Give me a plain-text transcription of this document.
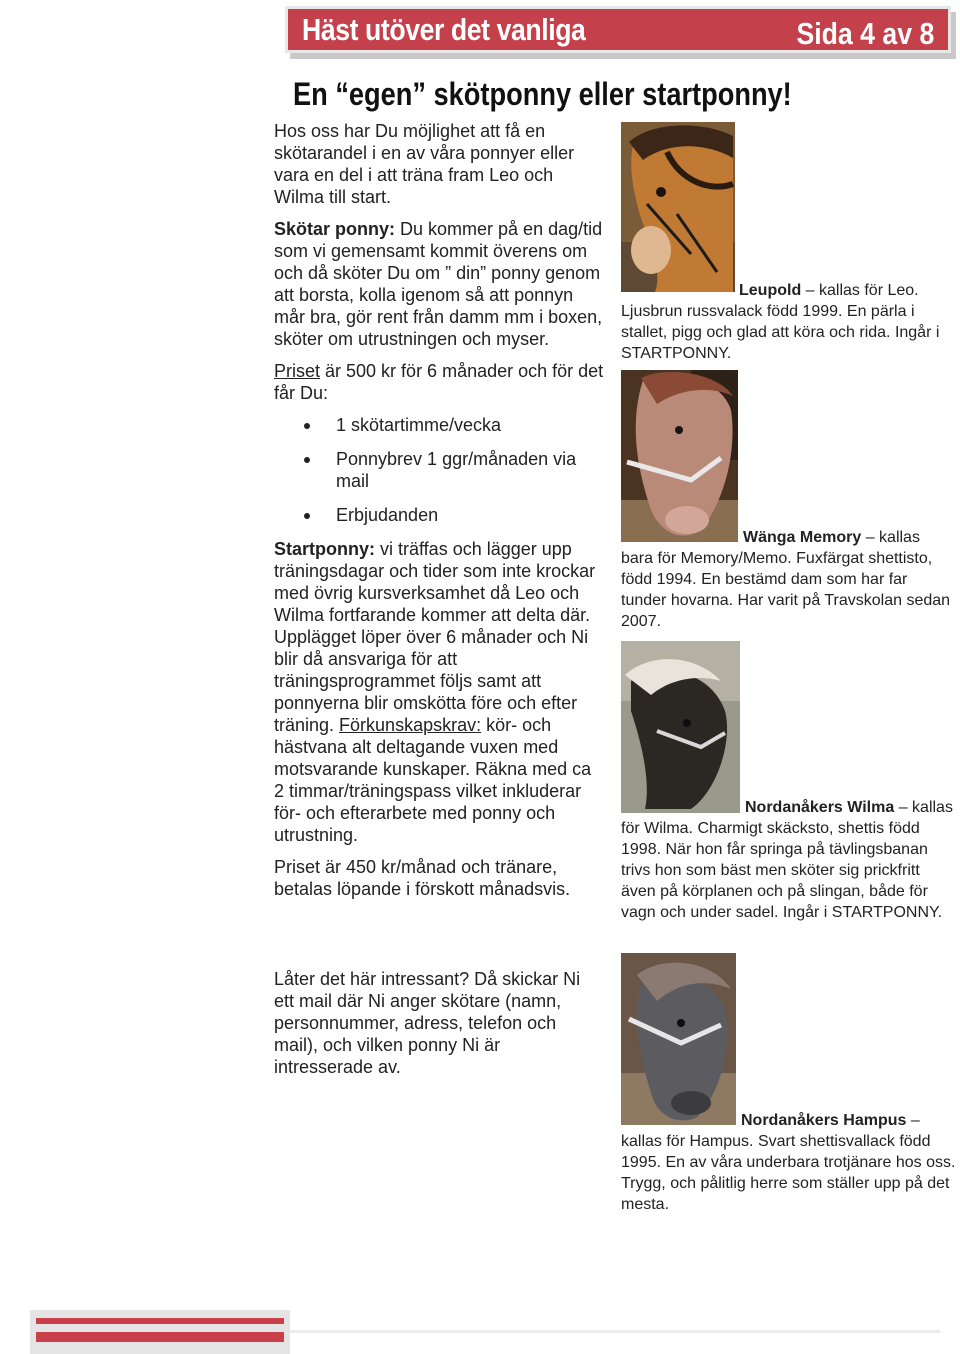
Häst utöver det vanliga	Sida 4 av 8
En “egen” skötponny eller startponny!

Hos oss har Du möjlighet att få en skötarandel i en av våra ponnyer eller vara en del i att träna fram Leo och Wilma till start.

Skötar ponny: Du kommer på en dag/tid som vi gemensamt kommit överens om och då sköter Du om ” din” ponny genom att borsta, kolla igenom så att ponnyn mår bra, gör rent från damm mm i boxen, sköter om utrustningen och myser.

Priset är 500 kr för 6 månader och för det får Du:

1 skötartimme/vecka
Ponnybrev 1 ggr/månaden via mail
Erbjudanden

Startponny: vi träffas och lägger upp träningsdagar och tider som inte krockar med övrig kursverksamhet då Leo och Wilma fortfarande kommer att delta där. Upplägget löper över 6 månader och Ni blir då ansvariga för att träningsprogrammet följs samt att ponnyerna blir omskötta före och efter träning. Förkunskapskrav: kör- och hästvana alt deltagande vuxen med motsvarande kunskaper. Räkna med ca 2 timmar/träningspass vilket inkluderar för- och efterarbete med ponny och utrustning.

Priset är 450 kr/månad och tränare, betalas löpande i förskott månadsvis.

Låter det här intressant? Då skickar Ni ett mail där Ni anger skötare (namn, personnummer, adress, telefon och mail), och vilken ponny Ni är intresserade av.

Leupold – kallas för Leo. Ljusbrun russvalack född 1999. En pärla i stallet, pigg och glad att köra och rida. Ingår i STARTPONNY.
Wänga Memory – kallas bara för Memory/Memo. Fuxfärgat shettisto, född 1994. En bestämd dam som har far tunder hovarna. Har varit på Travskolan sedan 2007.
Nordanåkers Wilma – kallas för Wilma. Charmigt skäcksto, shettis född 1998. När hon får springa på tävlingsbanan trivs hon som bäst men sköter sig prickfritt även på körplanen och på slingan, både för vagn och under sadel. Ingår i STARTPONNY.
Nordanåkers Hampus – kallas för Hampus. Svart shettisvallack född 1995. En av våra underbara trotjänare hos oss. Trygg, och pålitlig herre som ställer upp på det mesta.
